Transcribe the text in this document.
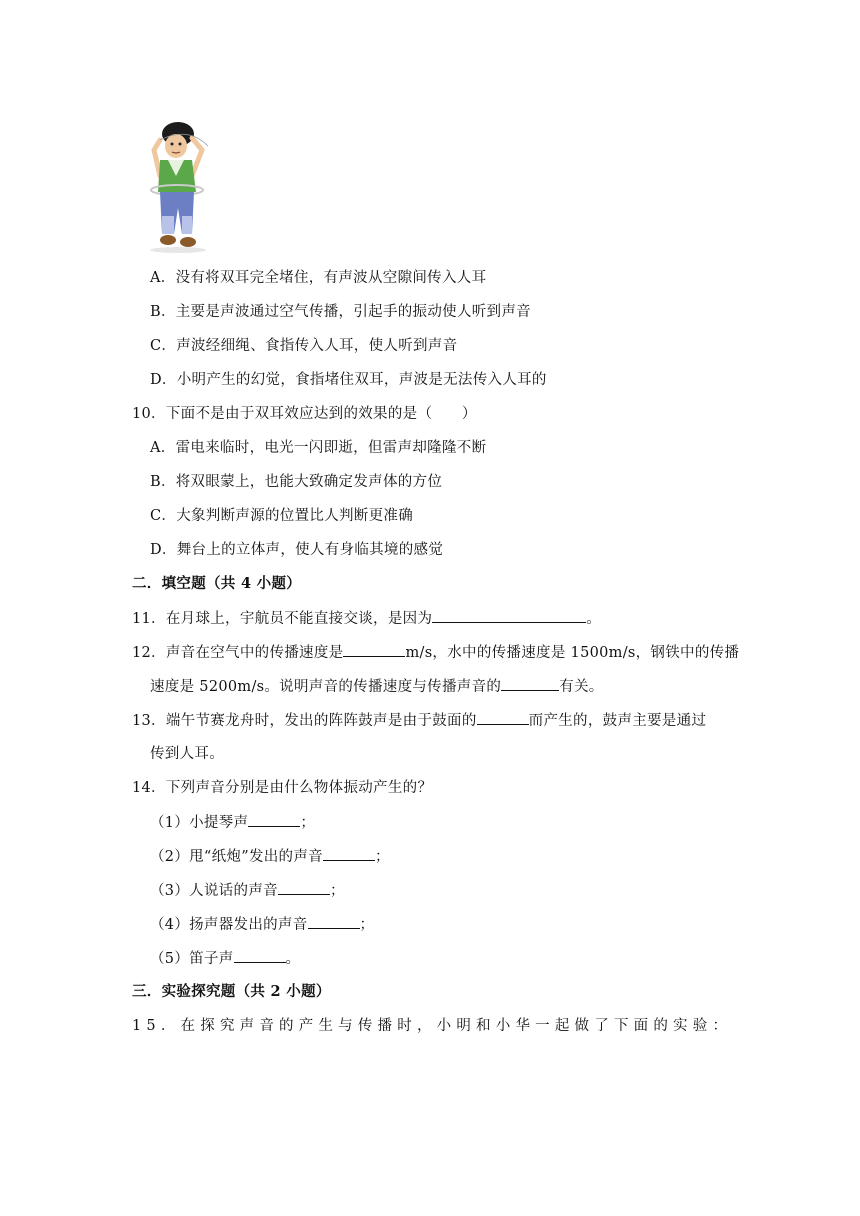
A．没有将双耳完全堵住，有声波从空隙间传入人耳
B．主要是声波通过空气传播，引起手的振动使人听到声音
C．声波经细绳、食指传入人耳，使人听到声音
D．小明产生的幻觉，食指堵住双耳，声波是无法传入人耳的
10．下面不是由于双耳效应达到的效果的是（　　）
A．雷电来临时，电光一闪即逝，但雷声却隆隆不断
B．将双眼蒙上，也能大致确定发声体的方位
C．大象判断声源的位置比人判断更准确
D．舞台上的立体声，使人有身临其境的感觉
二．填空题（共 4 小题）
11．在月球上，宇航员不能直接交谈，是因为	。
12．声音在空气中的传播速度是	m/s，水中的传播速度是 1500m/s，钢铁中的传播
速度是 5200m/s。说明声音的传播速度与传播声音的	有关。
13．端午节赛龙舟时，发出的阵阵鼓声是由于鼓面的	而产生的，鼓声主要是通过
传到人耳。
14．下列声音分别是由什么物体振动产生的？
（1）小提琴声	；
（2）甩“纸炮”发出的声音	；
（3）人说话的声音	；
（4）扬声器发出的声音	；
（5）笛子声	。
三．实验探究题（共 2 小题）
15．在探究声音的产生与传播时，小明和小华一起做了下面的实验：
